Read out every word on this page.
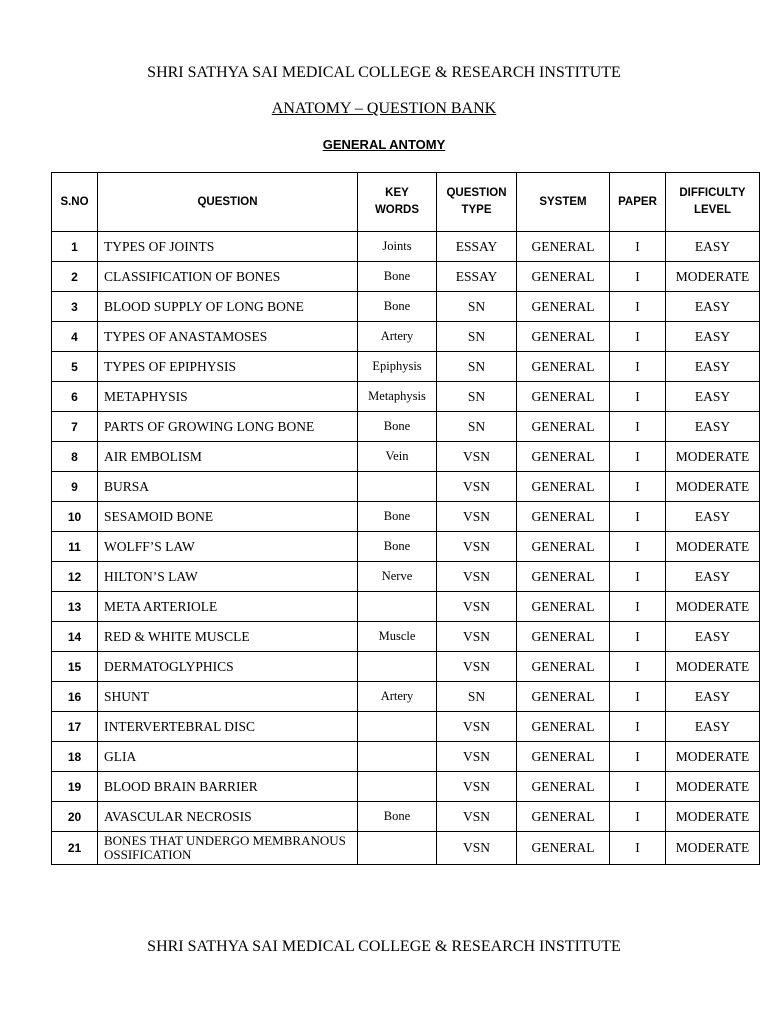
SHRI SATHYA SAI MEDICAL COLLEGE & RESEARCH INSTITUTE
ANATOMY – QUESTION BANK
GENERAL ANTOMY
S.NO	QUESTION	KEY WORDS	QUESTION TYPE	SYSTEM	PAPER	DIFFICULTY LEVEL
1	TYPES OF JOINTS	Joints	ESSAY	GENERAL	I	EASY
2	CLASSIFICATION OF BONES	Bone	ESSAY	GENERAL	I	MODERATE
3	BLOOD SUPPLY OF LONG BONE	Bone	SN	GENERAL	I	EASY
4	TYPES OF ANASTAMOSES	Artery	SN	GENERAL	I	EASY
5	TYPES OF EPIPHYSIS	Epiphysis	SN	GENERAL	I	EASY
6	METAPHYSIS	Metaphysis	SN	GENERAL	I	EASY
7	PARTS OF GROWING LONG BONE	Bone	SN	GENERAL	I	EASY
8	AIR EMBOLISM	Vein	VSN	GENERAL	I	MODERATE
9	BURSA		VSN	GENERAL	I	MODERATE
10	SESAMOID BONE	Bone	VSN	GENERAL	I	EASY
11	WOLFF’S LAW	Bone	VSN	GENERAL	I	MODERATE
12	HILTON’S LAW	Nerve	VSN	GENERAL	I	EASY
13	META ARTERIOLE		VSN	GENERAL	I	MODERATE
14	RED & WHITE MUSCLE	Muscle	VSN	GENERAL	I	EASY
15	DERMATOGLYPHICS		VSN	GENERAL	I	MODERATE
16	SHUNT	Artery	SN	GENERAL	I	EASY
17	INTERVERTEBRAL DISC		VSN	GENERAL	I	EASY
18	GLIA		VSN	GENERAL	I	MODERATE
19	BLOOD BRAIN BARRIER		VSN	GENERAL	I	MODERATE
20	AVASCULAR NECROSIS	Bone	VSN	GENERAL	I	MODERATE
21	BONES THAT UNDERGO MEMBRANOUS OSSIFICATION		VSN	GENERAL	I	MODERATE
SHRI SATHYA SAI MEDICAL COLLEGE & RESEARCH INSTITUTE
